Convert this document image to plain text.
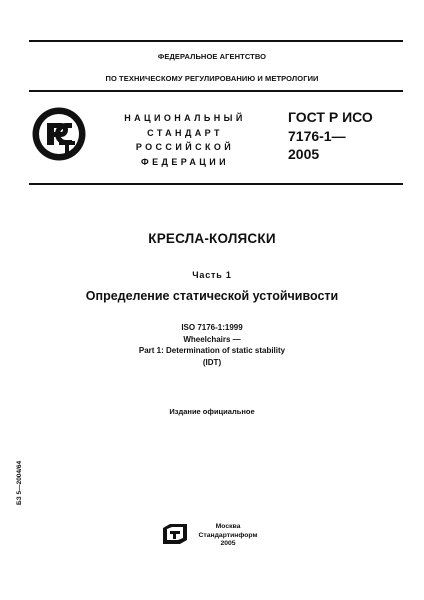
ФЕДЕРАЛЬНОЕ АГЕНТСТВО
ПО ТЕХНИЧЕСКОМУ РЕГУЛИРОВАНИЮ И МЕТРОЛОГИИ
НАЦИОНАЛЬНЫЙ
СТАНДАРТ
РОССИЙСКОЙ
ФЕДЕРАЦИИ
ГОСТ Р ИСО
7176-1—
2005
КРЕСЛА-КОЛЯСКИ
Часть 1
Определение статической устойчивости
ISO 7176-1:1999
Wheelchairs —
Part 1: Determination of static stability
(IDT)
Издание официальное
БЗ 5—2004/64
Москва
Стандартинформ
2005
